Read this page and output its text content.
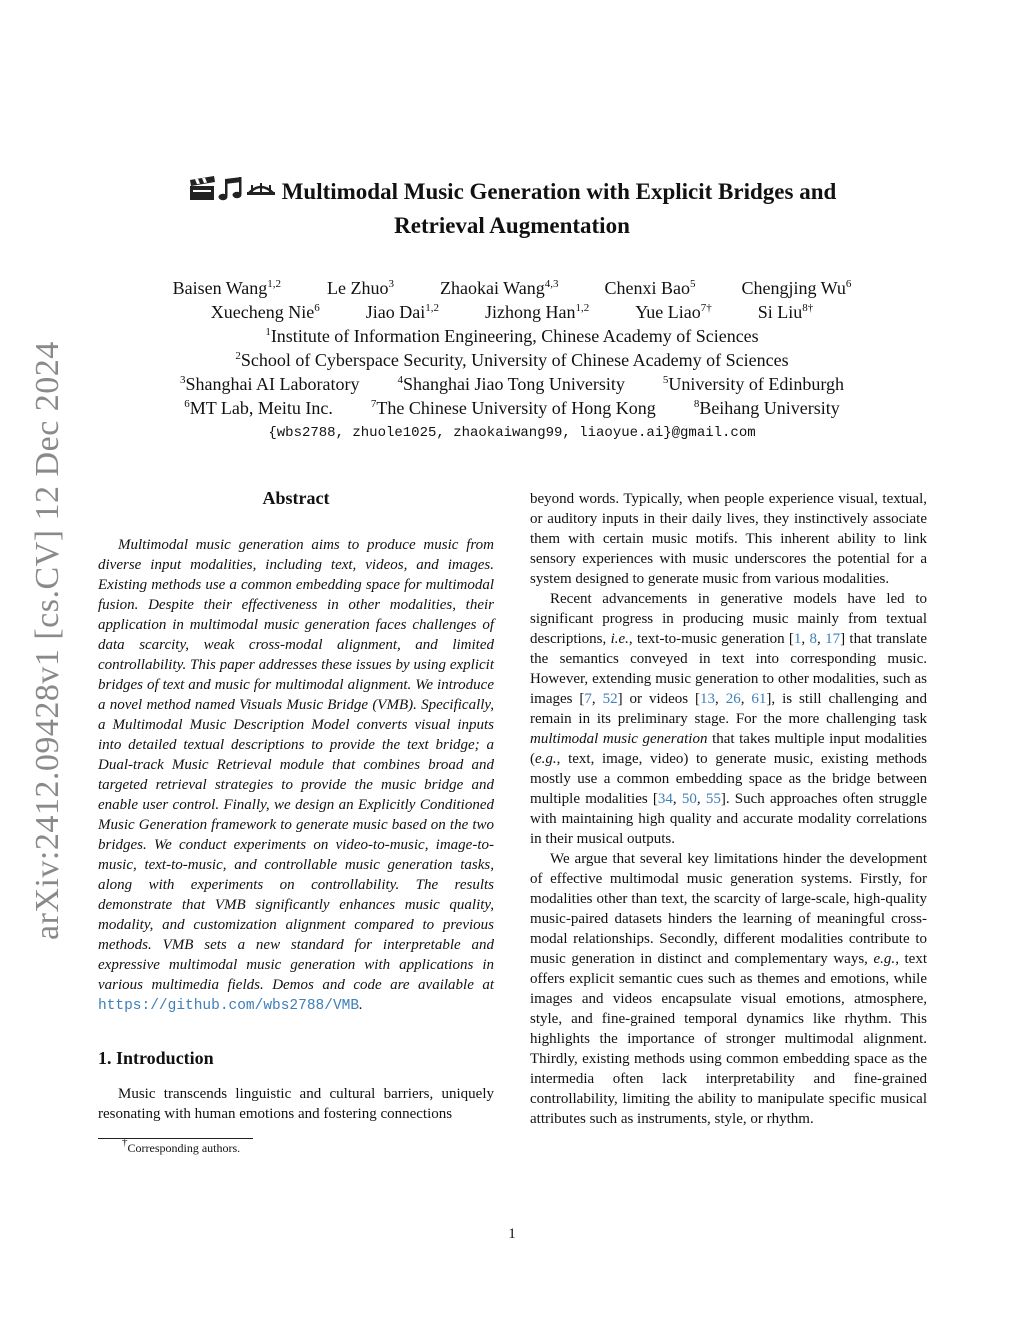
arXiv:2412.09428v1 [cs.CV] 12 Dec 2024
Multimodal Music Generation with Explicit Bridges and
Retrieval Augmentation
Baisen Wang$^{1,2}$	Le Zhuo$^3$	Zhaokai Wang$^{4,3}$	Chenxi Bao$^5$	Chengjing Wu$^6$
Xuecheng Nie$^6$	Jiao Dai$^{1,2}$	Jizhong Han$^{1,2}$	Yue Liao$^{7\dagger}$	Si Liu$^{8\dagger}$
$^1$Institute of Information Engineering, Chinese Academy of Sciences
$^2$School of Cyberspace Security, University of Chinese Academy of Sciences
$^3$Shanghai AI Laboratory	$^4$Shanghai Jiao Tong University	$^5$University of Edinburgh
$^6$MT Lab, Meitu Inc.	$^7$The Chinese University of Hong Kong	$^8$Beihang University
{wbs2788, zhuole1025, zhaokaiwang99, liaoyue.ai}@gmail.com
Abstract

Multimodal music generation aims to produce music from diverse input modalities, including text, videos, and images. Existing methods use a common embedding space for multimodal fusion. Despite their effectiveness in other modalities, their application in multimodal music generation faces challenges of data scarcity, weak cross-modal alignment, and limited controllability. This paper addresses these issues by using explicit bridges of text and music for multimodal alignment. We introduce a novel method named Visuals Music Bridge (VMB). Specifically, a Multimodal Music Description Model converts visual inputs into detailed textual descriptions to provide the text bridge; a Dual-track Music Retrieval module that combines broad and targeted retrieval strategies to provide the music bridge and enable user control. Finally, we design an Explicitly Conditioned Music Generation framework to generate music based on the two bridges. We conduct experiments on video-to-music, image-to-music, text-to-music, and controllable music generation tasks, along with experiments on controllability. The results demonstrate that VMB significantly enhances music quality, modality, and customization alignment compared to previous methods. VMB sets a new standard for interpretable and expressive multimodal music generation with applications in various multimedia fields. Demos and code are available at https://github.com/wbs2788/VMB.

1. Introduction

Music transcends linguistic and cultural barriers, uniquely resonating with human emotions and fostering connections

†Corresponding authors.

beyond words. Typically, when people experience visual, textual, or auditory inputs in their daily lives, they instinctively associate them with certain music motifs. This inherent ability to link sensory experiences with music underscores the potential for a system designed to generate music from various modalities.

Recent advancements in generative models have led to significant progress in producing music mainly from textual descriptions, i.e., text-to-music generation [1, 8, 17] that translate the semantics conveyed in text into corresponding music. However, extending music generation to other modalities, such as images [7, 52] or videos [13, 26, 61], is still challenging and remain in its preliminary stage. For the more challenging task multimodal music generation that takes multiple input modalities (e.g., text, image, video) to generate music, existing methods mostly use a common embedding space as the bridge between multiple modalities [34, 50, 55]. Such approaches often struggle with maintaining high quality and accurate modality correlations in their musical outputs.

We argue that several key limitations hinder the development of effective multimodal music generation systems. Firstly, for modalities other than text, the scarcity of large-scale, high-quality music-paired datasets hinders the learning of meaningful cross-modal relationships. Secondly, different modalities contribute to music generation in distinct and complementary ways, e.g., text offers explicit semantic cues such as themes and emotions, while images and videos encapsulate visual emotions, atmosphere, style, and fine-grained temporal dynamics like rhythm. This highlights the importance of stronger multimodal alignment. Thirdly, existing methods using common embedding space as the intermedia often lack interpretability and fine-grained controllability, limiting the ability to manipulate specific musical attributes such as instruments, style, or rhythm.

1
